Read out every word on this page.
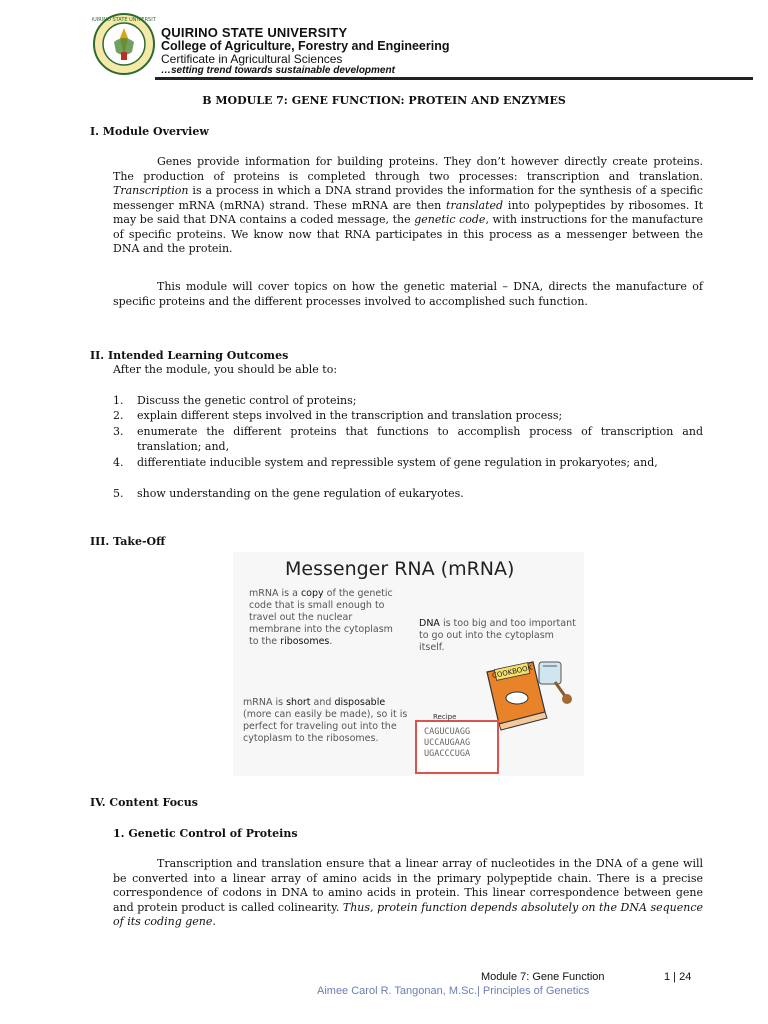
QUIRINO STATE UNIVERSITY
QUIRINO STATE UNIVERSITY
College of Agriculture, Forestry and Engineering
Certificate in Agricultural Sciences
…setting trend towards sustainable development
B MODULE 7: GENE FUNCTION: PROTEIN AND ENZYMES
I. Module Overview
Genes provide information for building proteins. They don’t however directly create proteins. The production of proteins is completed through two processes: transcription and translation. Transcription is a process in which a DNA strand provides the information for the synthesis of a specific messenger mRNA (mRNA) strand. These mRNA are then translated into polypeptides by ribosomes. It may be said that DNA contains a coded message, the genetic code, with instructions for the manufacture of specific proteins. We know now that RNA participates in this process as a messenger between the DNA and the protein.
This module will cover topics on how the genetic material – DNA, directs the manufacture of specific proteins and the different processes involved to accomplished such function.
II. Intended Learning Outcomes
After the module, you should be able to:
1. Discuss the genetic control of proteins;
2. explain different steps involved in the transcription and translation process;
3. enumerate the different proteins that functions to accomplish process of transcription and translation; and,
4. differentiate inducible system and repressible system of gene regulation in prokaryotes; and,
5. show understanding on the gene regulation of eukaryotes.
III. Take-Off
Messenger RNA (mRNA)
mRNA is a copy of the genetic code that is small enough to travel out the nuclear membrane into the cytoplasm to the ribosomes.
DNA is too big and too important to go out into the cytoplasm itself.
mRNA is short and disposable (more can easily be made), so it is perfect for traveling out into the cytoplasm to the ribosomes.
COOKBOOK
Recipe
CAGUCUAGG
UCCAUGAAG
UGACCCUGA
IV. Content Focus
1. Genetic Control of Proteins
Transcription and translation ensure that a linear array of nucleotides in the DNA of a gene will be converted into a linear array of amino acids in the primary polypeptide chain. There is a precise correspondence of codons in DNA to amino acids in protein. This linear correspondence between gene and protein product is called colinearity. Thus, protein function depends absolutely on the DNA sequence of its coding gene.
Module 7: Gene Function	1 | 24
Aimee Carol R. Tangonan, M.Sc.| Principles of Genetics
